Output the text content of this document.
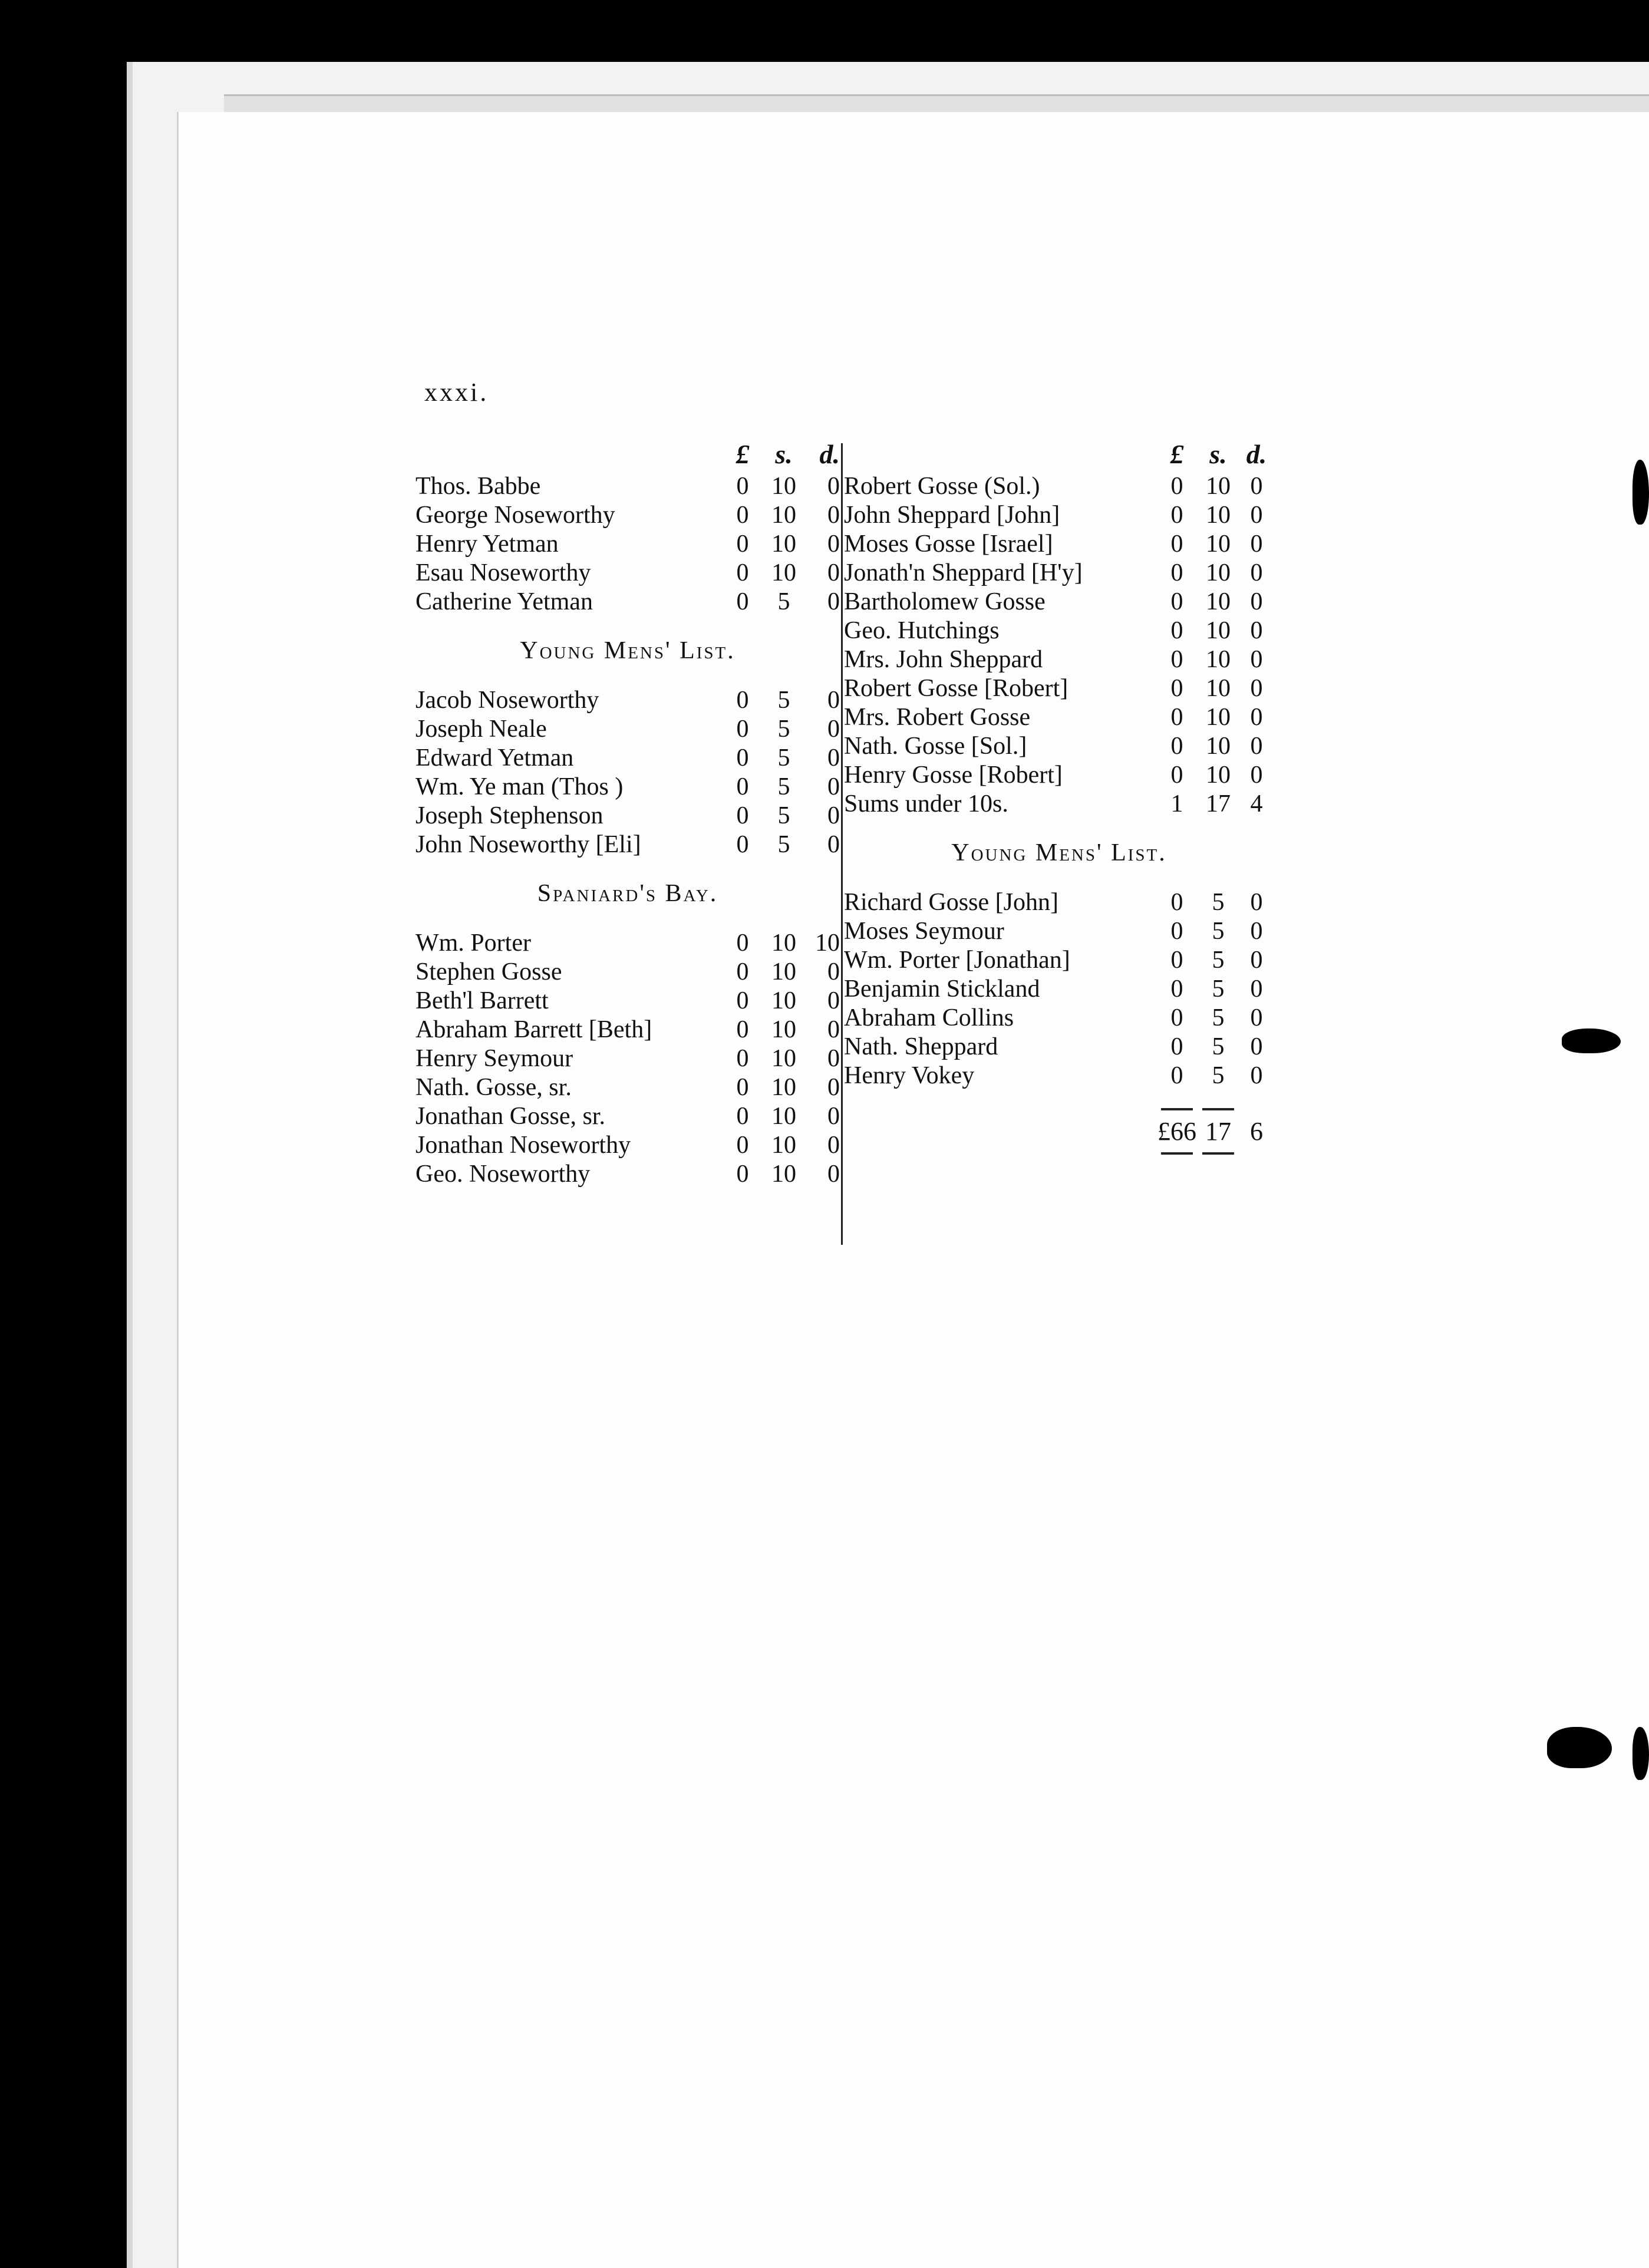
xxxi.
£ s. d.
Thos. Babbe	0 10	0
George Noseworthy	0 10	0
Henry Yetman	0 10	0
Esau Noseworthy	0 10	0
Catherine Yetman	0	5	0
Young Mens' List.
Jacob Noseworthy	0	5	0
Joseph Neale	0	5	0
Edward Yetman	0	5	0
Wm. Ye man (Thos )	0	5	0
Joseph Stephenson	0	5	0
John Noseworthy [Eli]	0	5	0
Spaniard's Bay.
Wm. Porter	0 10 10
Stephen Gosse	0 10	0
Beth'l Barrett	0 10	0
Abraham Barrett [Beth]	0 10	0
Henry Seymour	0 10	0
Nath. Gosse, sr.	0 10	0
Jonathan Gosse, sr.	0 10	0
Jonathan Noseworthy	0 10	0
Geo. Noseworthy	0 10	0
£ s. d.
Robert Gosse (Sol.)	0 10 0
John Sheppard [John]	0 10 0
Moses Gosse [Israel]	0 10 0
Jonath'n Sheppard [H'y]	0 10 0
Bartholomew Gosse	0 10 0
Geo. Hutchings	0 10 0
Mrs. John Sheppard	0 10 0
Robert Gosse [Robert]	0 10 0
Mrs. Robert Gosse	0 10 0
Nath. Gosse [Sol.]	0 10 0
Henry Gosse [Robert]	0 10 0
Sums under 10s.	1 17 4
Young Mens' List.
Richard Gosse [John]	0	5	0
Moses Seymour	0	5	0
Wm. Porter [Jonathan]	0	5	0
Benjamin Stickland	0	5	0
Abraham Collins	0	5	0
Nath. Sheppard	0	5	0
Henry Vokey	0	5	0
£66 17 6
